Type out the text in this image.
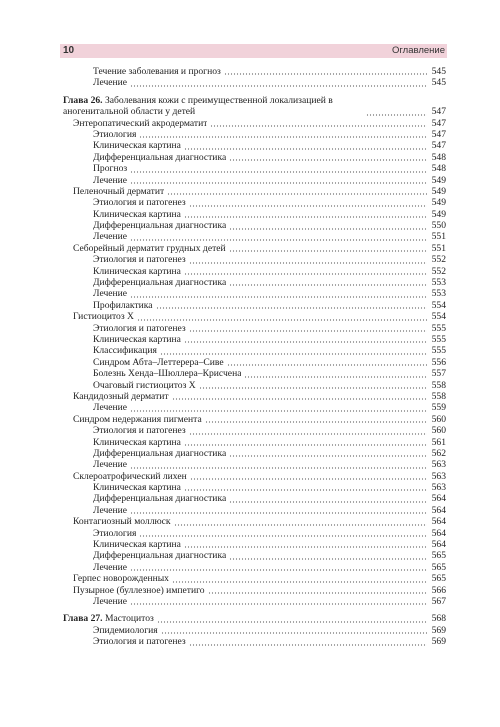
10	Оглавление
Течение заболевания и прогноз	545
Лечение	545
Глава 26. Заболевания кожи с преимущественной локализацией в аногенитальной области у детей	547
Энтеропатический акродерматит	547
Этиология	547
Клиническая картина	547
Дифференциальная диагностика	548
Прогноз	548
Лечение	549
Пеленочный дерматит	549
Этиология и патогенез	549
Клиническая картина	549
Дифференциальная диагностика	550
Лечение	551
Себорейный дерматит грудных детей	551
Этиология и патогенез	552
Клиническая картина	552
Дифференциальная диагностика	553
Лечение	553
Профилактика	554
Гистиоцитоз X	554
Этиология и патогенез	555
Клиническая картина	555
Классификация	555
Синдром Абта–Леттерера–Сиве	556
Болезнь Хенда–Шюллера–Крисчена	557
Очаговый гистиоцитоз X	558
Кандидозный дерматит	558
Лечение	559
Синдром недержания пигмента	560
Этиология и патогенез	560
Клиническая картина	561
Дифференциальная диагностика	562
Лечение	563
Склероатрофический лихен	563
Клиническая картина	563
Дифференциальная диагностика	564
Лечение	564
Контагиозный моллюск	564
Этиология	564
Клиническая картина	564
Дифференциальная диагностика	565
Лечение	565
Герпес новорожденных	565
Пузырное (буллезное) импетиго	566
Лечение	567
Глава 27. Мастоцитоз	568
Эпидемиология	569
Этиология и патогенез	569
